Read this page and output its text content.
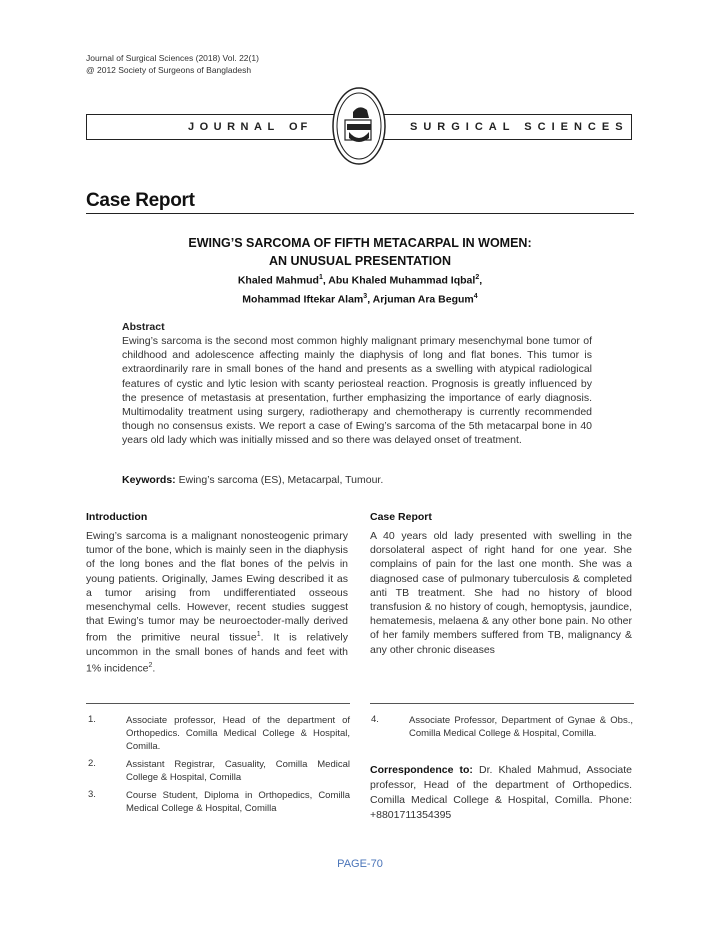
Journal of Surgical Sciences (2018) Vol. 22(1)
@ 2012 Society of Surgeons of Bangladesh
JOURNAL OF	SURGICAL SCIENCES
Case Report
EWING’S SARCOMA OF FIFTH METACARPAL IN WOMEN:
AN UNUSUAL PRESENTATION
Khaled Mahmud$^1$, Abu Khaled Muhammad Iqbal$^2$,
Mohammad Iftekar Alam$^3$, Arjuman Ara Begum$^4$
Abstract
Ewing’s sarcoma is the second most common highly malignant primary mesenchymal bone tumor of childhood and adolescence affecting mainly the diaphysis of long and flat bones. This tumor is extraordinarily rare in small bones of the hand and presents as a swelling with atypical radiological features of cystic and lytic lesion with scanty periosteal reaction. Prognosis is greatly influenced by the presence of metastasis at presentation, further emphasizing the importance of early diagnosis. Multimodality treatment using surgery, radiotherapy and chemotherapy is currently recommended though no consensus exists. We report a case of Ewing’s sarcoma of the 5th metacarpal bone in 40 years old lady which was initially missed and so there was delayed onset of treatment.
Keywords: Ewing’s sarcoma (ES), Metacarpal, Tumour.
Introduction
Ewing’s sarcoma is a malignant nonosteogenic primary tumor of the bone, which is mainly seen in the diaphysis of the long bones and the flat bones of the pelvis in young patients. Originally, James Ewing described it as a tumor arising from undifferentiated osseous mesenchymal cells. However, recent studies suggest that Ewing’s tumor may be neuroectoder-mally derived from the primitive neural tissue$^1$. It is relatively uncommon in the small bones of hands and feet with 1% incidence$^2$.
Case Report
A 40 years old lady presented with swelling in the dorsolateral aspect of right hand for one year. She complains of pain for the last one month. She was a diagnosed case of pulmonary tuberculosis & completed anti TB treatment. She had no history of blood transfusion & no history of cough, hemoptysis, jaundice, hematemesis, melaena & any other bone pain. No other of her family members suffered from TB, malignancy & any other chronic diseases
1.	Associate professor, Head of the department of Orthopedics. Comilla Medical College & Hospital, Comilla.
2.	Assistant Registrar, Casuality, Comilla Medical College & Hospital, Comilla
3.	Course Student, Diploma in Orthopedics, Comilla Medical College & Hospital, Comilla
4.	Associate Professor, Department of Gynae & Obs., Comilla Medical College & Hospital, Comilla.
Correspondence to: Dr. Khaled Mahmud, Associate professor, Head of the department of Orthopedics. Comilla Medical College & Hospital, Comilla. Phone: +8801711354395
PAGE-70
